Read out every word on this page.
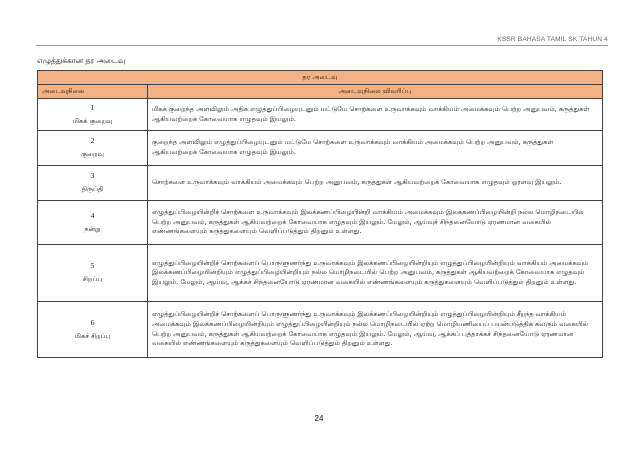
KSSR BAHASA TAMIL SK TAHUN 4
எழுத்துக்கான தர அடைவு
தர அடைவு	
அடைவுநிலை	அடைவுநிலை விவரிப்பு

1
மிகக் குறைவு	மிகக் குறைந்த அளவிலும் அதிக எழுத்துப்பிழையுடனும் மட்டுமே சொற்களை உருவாக்கவும் வாக்கியம் அமைக்கவும் பெற்ற அனுபவம், கருத்துகள் ஆகியவற்றைக் கோவையாக எழுதவும் இயலும்.

2
குறைவு	குறைந்த அளவிலும் எழுத்துப்பிழையுடனும் மட்டுமே சொற்களை உருவாக்கவும் வாக்கியம் அமைக்கவும் பெற்ற அனுபவம், கருத்துகள் ஆகியவற்றைக் கோவையாக எழுதவும் இயலும்.

3
திருப்தி	சொற்களை உருவாக்கவும் வாக்கியம் அமைக்கவும் பெற்ற அனுபவம், கருத்துகள் ஆகியவற்றைக் கோவையாக எழுதவும் ஓரளவு இயலும்.

4
நன்று	எழுத்துப்பிழையின்றிச் சொற்களை உருவாக்கவும் இலக்கணப்பிழையின்றி வாக்கியம் அமைக்கவும் இலக்கணப்பிழையின்றி நல்ல மொழிநடையில் பெற்ற அனுபவம், கருத்துகள் ஆகியவற்றைக் கோவையாக எழுதவும் இயலும். மேலும், ஆய்வுச் சிந்தனையோடு ஏரணமான வகையில் எண்ணங்களையும் கருத்துகளையும் வெளிப்படுத்தும் திறனும் உள்ளது.

5
சிறப்பு	எழுத்துப்பிழையின்றிச் சொற்களைப் பொருளுணர்ந்து உருவாக்கவும் இலக்கணப்பிழையின்றியும் எழுத்துப்பிழையின்றியும் வாக்கியம் அமைக்கவும் இலக்கணப்பிழையின்றியும் எழுத்துப்பிழையின்றியும் நல்ல மொழிநடையில் பெற்ற அனுபவம், கருத்துகள் ஆகியவற்றைக் கோவையாக எழுதவும் இயலும். மேலும், ஆய்வு, ஆக்கச் சிந்தனையோடு ஏரணமான வகையில் எண்ணங்களையும் கருத்துகளையும் வெளிப்படுத்தும் திறனும் உள்ளது.

6
மிகச் சிறப்பு	எழுத்துப்பிழையின்றிச் சொற்களைப் பொருளுணர்ந்து உருவாக்கவும் இலக்கணப்பிழையின்றியும் எழுத்துப்பிழையின்றியும் சீறந்த வாக்கியம் அமைக்கவும் இலக்கணப்பிழையின்றியும் எழுத்துப்பிழையின்றியும் நல்ல மொழிநடையில் ஏற்ற மொழியணியைப் பயன்படுத்திக் கவரும் வகையில் பெற்ற அனுபவம், கருத்துகள் ஆகியவற்றைக் கோவையாக எழுதவும் இயலும். மேலும், ஆய்வு, ஆக்கப் புத்தாக்கச் சிந்தனையோடு ஏரணமான வகையில் எண்ணங்களையும் கருத்துகளையும் வெளிப்படுத்தும் திறனும் உள்ளது.
24
